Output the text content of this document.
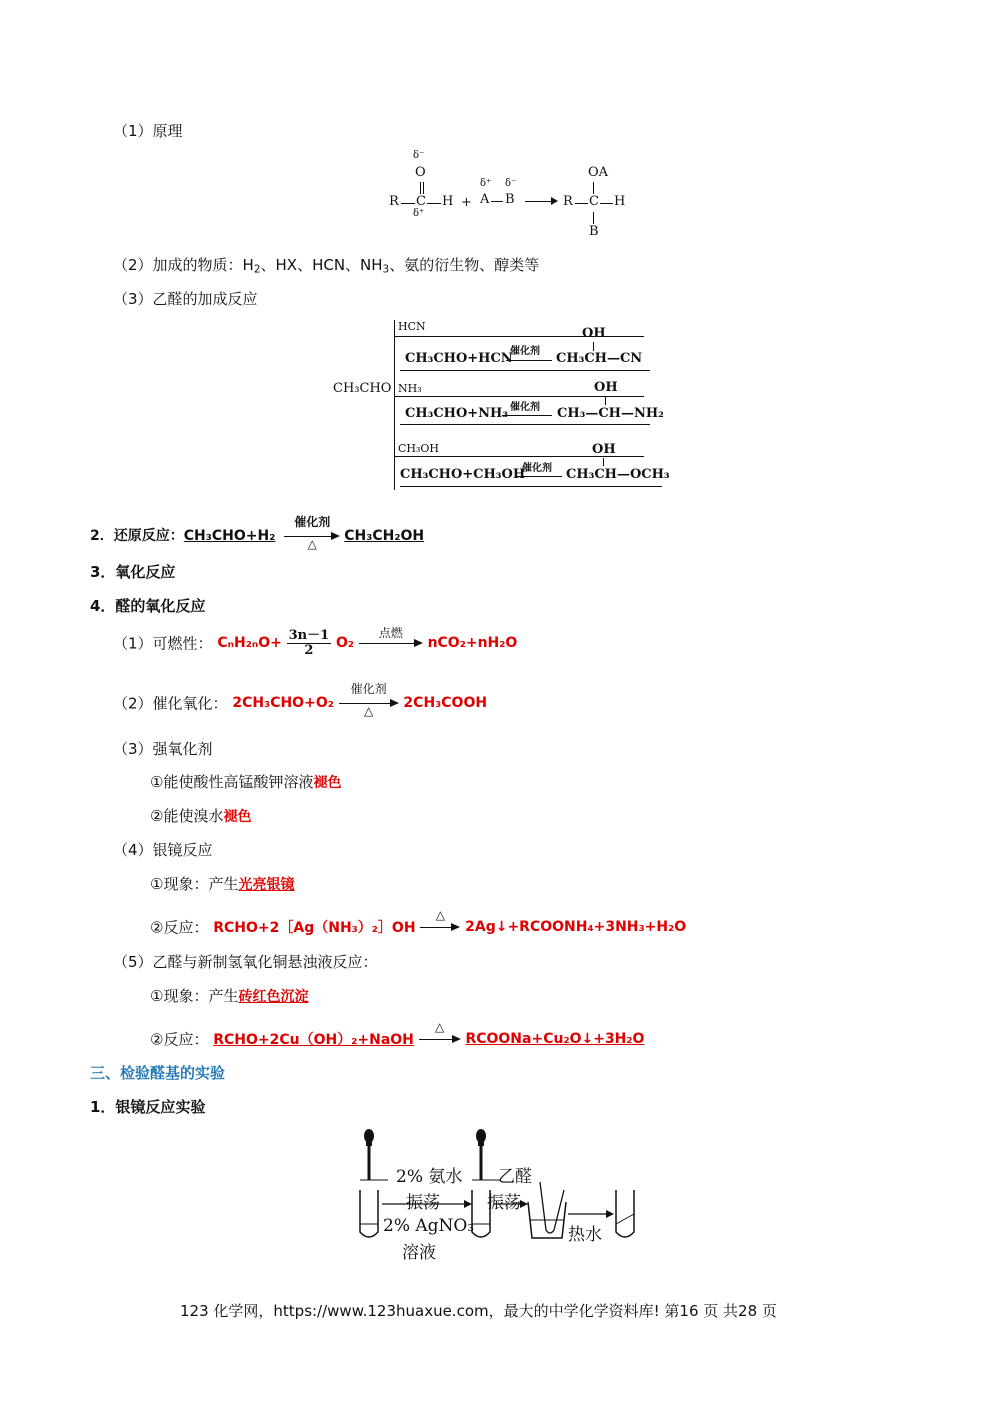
（1）原理
δ⁻
O
R C H
δ⁺
+
δ⁺ δ⁻
A B
OA
R C H
B
（2）加成的物质：$H_2$、HX、HCN、$NH_3$、氨的衍生物、醇类等
（3）乙醛的加成反应
CH₃CHO
HCN	OH
CH₃CHO+HCN
催化剂 CH₃CH—CN
NH₃	OH
CH₃CHO+NH₃ 催化剂 CH₃—CH—NH₂
CH₃OH	OH
CH₃CHO+CH₃OH
催化剂 CH₃CH—OCH₃
2．还原反应：CH₃CHO+H₂
催化剂
△	CH₃CH₂OH
3．氧化反应
4．醛的氧化反应
（1）可燃性： $C_nH_{2n}O+ \frac{3n-1}{2} O_2$
点燃
nCO₂+nH₂O
（2）催化氧化： 2CH₃CHO+O₂
催化剂
△	2CH₃COOH
（3）强氧化剂
①能使酸性高锰酸钾溶液褪色
②能使溴水褪色
（4）银镜反应
①现象：产生光亮银镜
②反应： RCHO+2［Ag（NH₃）₂］OH
△
2Ag↓+RCOONH₄+3NH₃+H₂O
（5）乙醛与新制氢氧化铜悬浊液反应：
①现象：产生砖红色沉淀
②反应： RCHO+2Cu（OH）₂+NaOH
△
RCOONa+Cu₂O↓+3H₂O
三、检验醛基的实验
1．银镜反应实验
2% 氨水 乙醛
振荡	振荡
2% AgNO₃
溶液
热水
123 化学网，https://www.123huaxue.com，最大的中学化学资料库! 第16 页 共28 页
